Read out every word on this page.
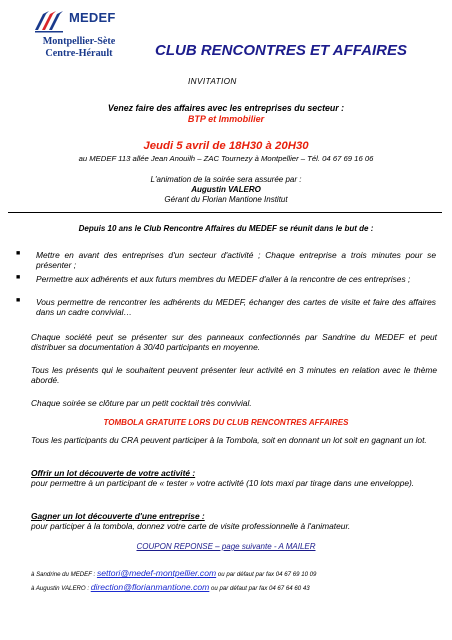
MEDEF
Montpellier-Sète
Centre-Hérault	CLUB RENCONTRES ET AFFAIRES
INVITATION
Venez faire des affaires avec les entreprises du secteur :
BTP et Immobilier
Jeudi 5 avril de 18H30 à 20H30
au MEDEF 113 allée Jean Anouilh – ZAC Tournezy à Montpellier – Tél. 04 67 69 16 06
L'animation de la soirée sera assurée par :
Augustin VALERO
Gérant du Florian Mantione Institut
Depuis 10 ans le Club Rencontre Affaires du MEDEF se réunit dans le but de :
■ Mettre en avant des entreprises d'un secteur d'activité ; Chaque entreprise a trois minutes pour se présenter ;
■ Permettre aux adhérents et aux futurs membres du MEDEF d'aller à la rencontre de ces entreprises ;
■ Vous permettre de rencontrer les adhérents du MEDEF, échanger des cartes de visite et faire des affaires dans un cadre convivial…
Chaque société peut se présenter sur des panneaux confectionnés par Sandrine du MEDEF et peut distribuer sa documentation à 30/40 participants en moyenne.
Tous les présents qui le souhaitent peuvent présenter leur activité en 3 minutes en relation avec le thème abordé.
Chaque soirée se clôture par un petit cocktail très convivial.
TOMBOLA GRATUITE LORS DU CLUB RENCONTRES AFFAIRES
Tous les participants du CRA peuvent participer à la Tombola, soit en donnant un lot soit en gagnant un lot.
Offrir un lot découverte de votre activité :
pour permettre à un participant de « tester » votre activité (10 lots maxi par tirage dans une enveloppe).
Gagner un lot découverte d'une entreprise :
pour participer à la tombola, donnez votre carte de visite professionnelle à l'animateur.
COUPON REPONSE – page suivante - A MAILER
à Sandrine du MEDEF : settori@medef-montpellier.com ou par défaut par fax 04 67 69 10 09
à Augustin VALERO : direction@florianmantione.com ou par défaut par fax 04 67 64 60 43
